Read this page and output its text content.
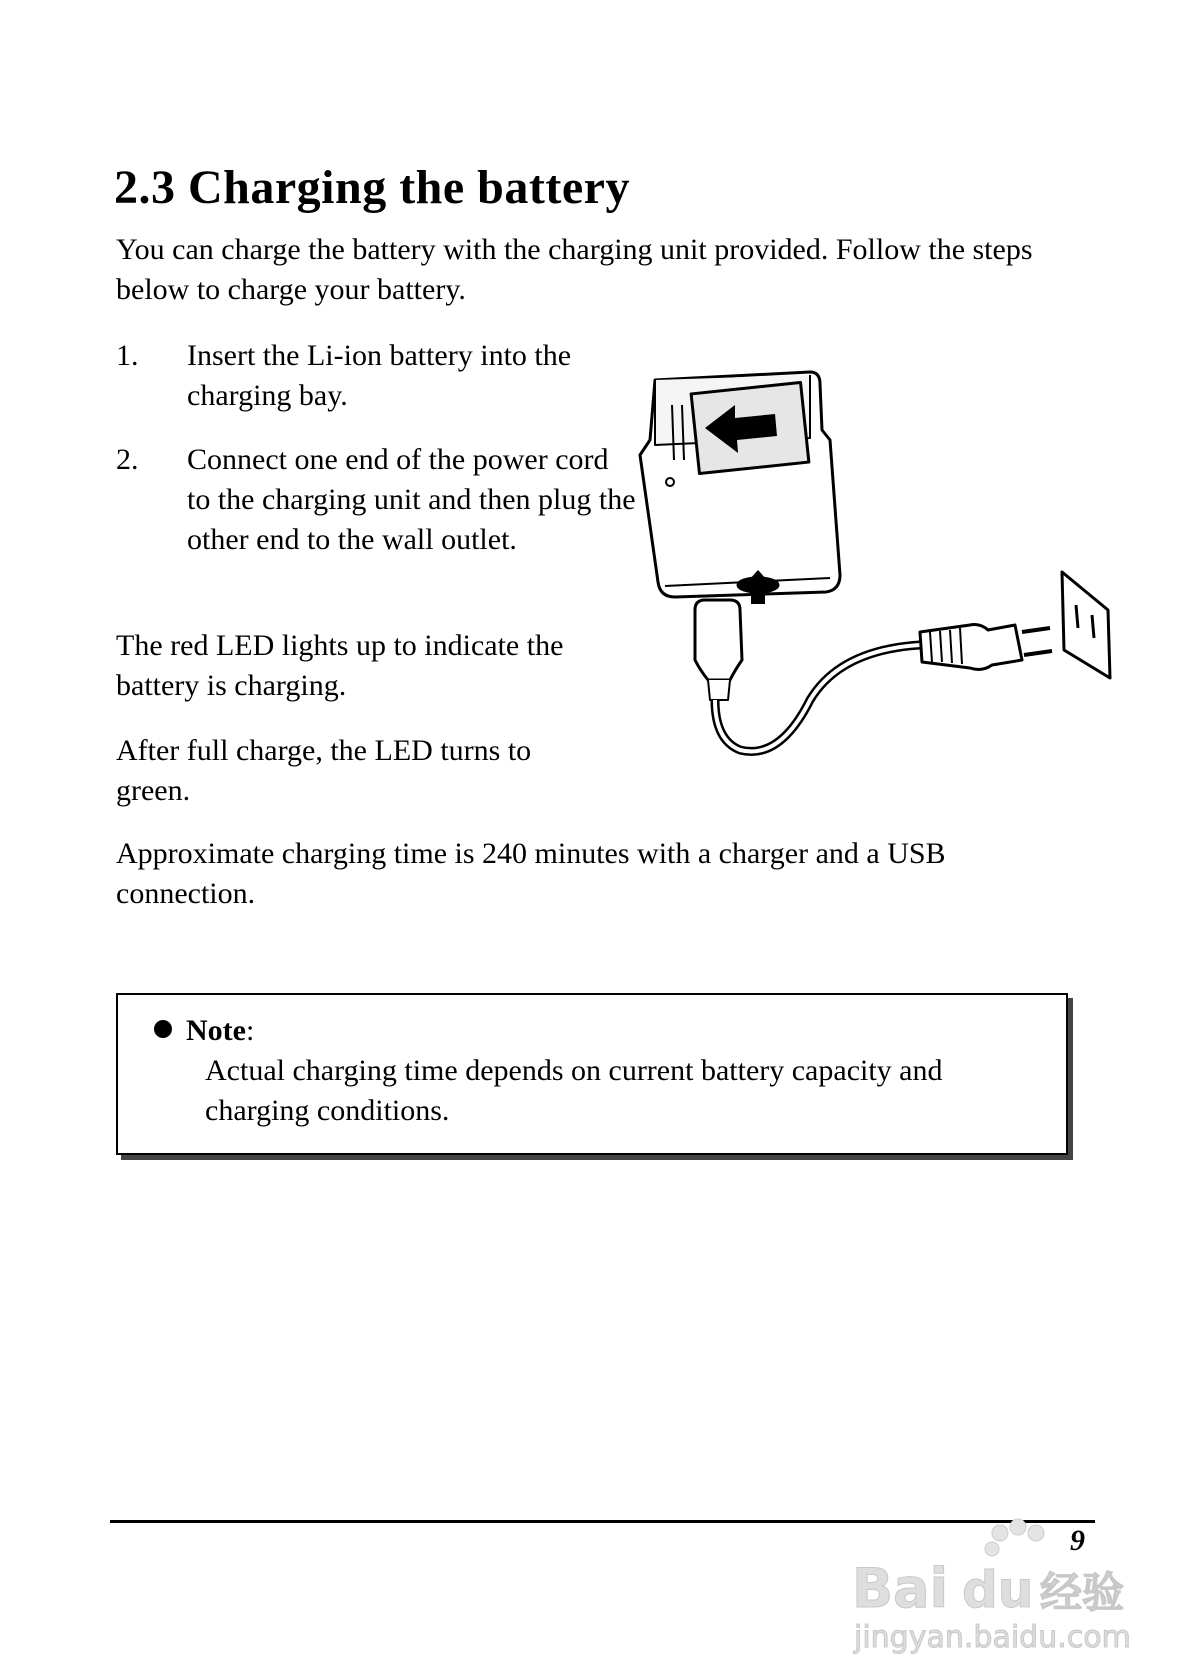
2.3 Charging the battery

You can charge the battery with the charging unit provided. Follow the steps below to charge your battery.

1. Insert the Li-ion battery into the charging bay.
2. Connect one end of the power cord to the charging unit and then plug the other end to the wall outlet.

The red LED lights up to indicate the battery is charging.

After full charge, the LED turns to green.

Approximate charging time is 240 minutes with a charger and a USB connection.

Note:

Actual charging time depends on current battery capacity and charging conditions.

9
Bai du 经验
jingyan.baidu.com
